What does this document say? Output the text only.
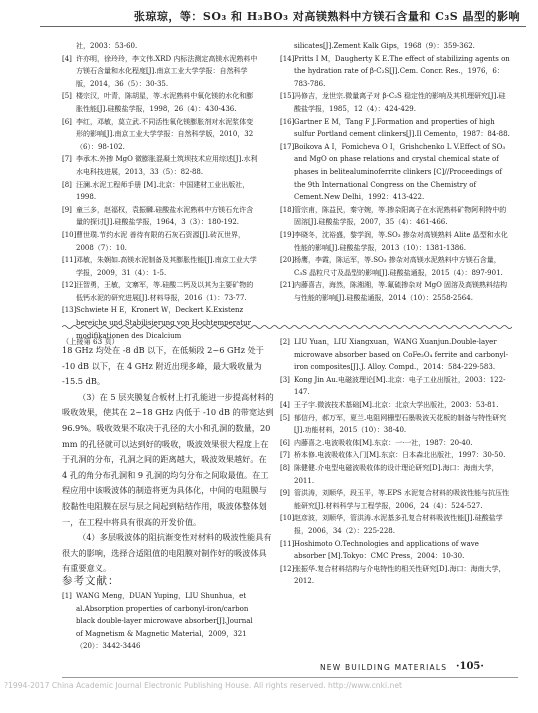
张琼琼，等：SO₃ 和 H₃BO₃ 对高镁熟料中方镁石含量和 C₃S 晶型的影响
社，2003：53-60.
[4] 许亦明，徐玲玲，李文伟.XRD 内标法测定高镁水泥熟料中方镁石含量和水化程度[J].南京工业大学学报：自然科学版，2014，36（5）：30-35.
[5] 楼宗汉，叶青，陈胡星，等.水泥熟料中氧化镁的水化和膨胀性能[J].硅酸盐学报，1998，26（4）：430-436.
[6] 李红，邓敏，莫立武.不同活性氧化镁膨胀剂对水泥浆体变形的影响[J].南京工业大学学报：自然科学版，2010，32（6）：98-102.
[7] 李承木.外掺 MgO 微膨胀混凝土筑坝技术应用综述[J].水利水电科技进展，2013，33（5）：82-88.
[8] 汪澜.水泥工程师手册 [M].北京：中国建材工业出版社，1998.
[9] 童三多，赵福权，袁振麟.硅酸盐水泥熟料中方镁石允许含量的探讨[J].硅酸盐学报，1964，3（3）：180-192.
[10] 曹世璞.节约水泥 善待有限的石灰石资源[J].砖瓦世界，2008（7）：10.
[11] 邓敏，朱娴如.高镁水泥制备及其膨胀性能[J].南京工业大学学报，2009，31（4）：1-5.
[12] 汪智勇，王敏，文寨军，等.硅酸二钙及以其为主要矿物的低钙水泥的研究进展[J].材料导报，2016（1）：73-77.
[13] Schwiete H E，Kronert W，Deckert K.Existenz bereiche und Stabilisierung von Hochtemperatur modifikationen des Dicalcium
silicates[J].Zement Kalk Gips，1968（9）：359-362.
[14] Pritts I M，Daugherty K E.The effect of stabilizing agents on the hydration rate of β-C₂S[J].Cem. Concr. Res.，1976，6：783-786.
[15] 冯修吉，龙世宗.微量离子对 β-C₂S 稳定性的影响及其机理研究[J].硅酸盐学报，1985，12（4）：424-429.
[16] Gartner E M，Tang F J.Formation and properties of high sulfur Portland cement clinkers[J].Il Cemento，1987：84-88.
[17] Boikova A I，Fomicheva O I，Grishchenko L V.Effect of SO₃ and MgO on phase relations and crystal chemical state of phases in belitealuminoferrite clinkers [C]//Proceedings of the 9th International Congress on the Chemistry of Cement.New Delhi，1992：413-422.
[18] 管宗甫，陈益民，秦守婉，等.掺杂阳离子在水泥熟料矿物阿利特中的固溶[J].硅酸盐学报，2007，35（4）：461-466.
[19] 李晓冬，沈裕盛，黎学润，等.SO₃ 掺杂对高镁熟料 Alite 晶型和水化性能的影响[J].硅酸盐学报，2013（10）：1381-1386.
[20] 杨鹰，李霞，陈运军，等.SO₃ 掺杂对高镁水泥熟料中方镁石含量，C₃S 晶粒尺寸及晶型的影响[J].硅酸盐通报，2015（4）：897-901.
[21] 内藤喜吉，海然，陈湘湘，等.氟硫掺杂对 MgO 固溶及高镁熟料结构与性能的影响[J].硅酸盐通报，2014（10）：2558-2564.
（上接第 63 页）

18 GHz 均处在 -8 dB 以下，在低频段 2~6 GHz 处于 -10 dB 以下，在 4 GHz 附近出现多峰，最大吸收量为 -15.5 dB。

（3）在 5 层夹膜复合板材上打孔能进一步提高材料的吸收效果，使其在 2~18 GHz 内低于 -10 dB 的带宽达到 96.9%。吸收效果不取决于孔径的大小和孔洞的数量，20 mm 的孔径就可以达到好的吸收，吸波效果很大程度上在于孔洞的分布，孔洞之间的距离越大，吸波效果越好。在 4 孔的角分布孔洞和 9 孔洞的均匀分布之间取最值。在工程应用中该吸波体的制造将更为具体化，中间的电阻膜与胶黏性电阻膜在层与层之间起到粘结作用，吸波体整体划一，在工程中将具有很高的开发价值。

（4）多层吸波体的阻抗渐变性对材料的吸波性能具有很大的影响，选择合适阻值的电阻膜对制作好的吸波体具有重要意义。

参考文献：
[1] WANG Meng，DUAN Yuping，LIU Shunhua，et al.Absorption properties of carbonyl-iron/carbon black double-layer microwave absorber[J].Journal of Magnetism & Magnetic Material，2009，321（20）：3442-3446
[2] LIU Yuan，LIU Xiangxuan，WANG Xuanjun.Double-layer microwave absorber based on CoFe₂O₄ ferrite and carbonyl-iron composites[J].J. Alloy. Compd.，2014：584-229-583.
[3] Kong Jin Au.电磁波理论[M].北京：电子工业出版社，2003：122-147.
[4] 王子宇.微波技术基础[M].北京：北京大学出版社，2003：53-81.
[5] 郁信丹，郝万军，夏兰.电阻网栅型石墨吸波天花板的制备与特性研究[J].功能材料，2015（10）：38-40.
[6] 内藤喜之.电波吸收体[M].东京：一·一社，1987：20-40.
[7] 桥本修.电波吸收体入门[M].东京：日本森北出版社，1997：30-50.
[8] 陈健健.介电型电磁波吸收体的设计理论研究[D].海口：海南大学，2011.
[9] 管洪涛，刘顺华，段玉平，等.EPS 水泥复合材料的吸波性能与抗压性能研究[J].材料科学与工程学报，2006，24（4）：524-527.
[10] 赵彦波，刘顺华，管洪涛.水泥基多孔复合材料吸波性能[J].硅酸盐学报，2006，34（2）：225-228.
[11] Hoshimoto O.Technologies and applications of wave absorber [M].Tokyo：CMC Press，2004：10-30.
[12] 张振华.复合材料结构与介电特性的相关性研究[D].海口：海南大学，2012.
NEW BUILDING MATERIALS ·105·
?1994-2017 China Academic Journal Electronic Publishing House. All rights reserved. http://www.cnki.net
